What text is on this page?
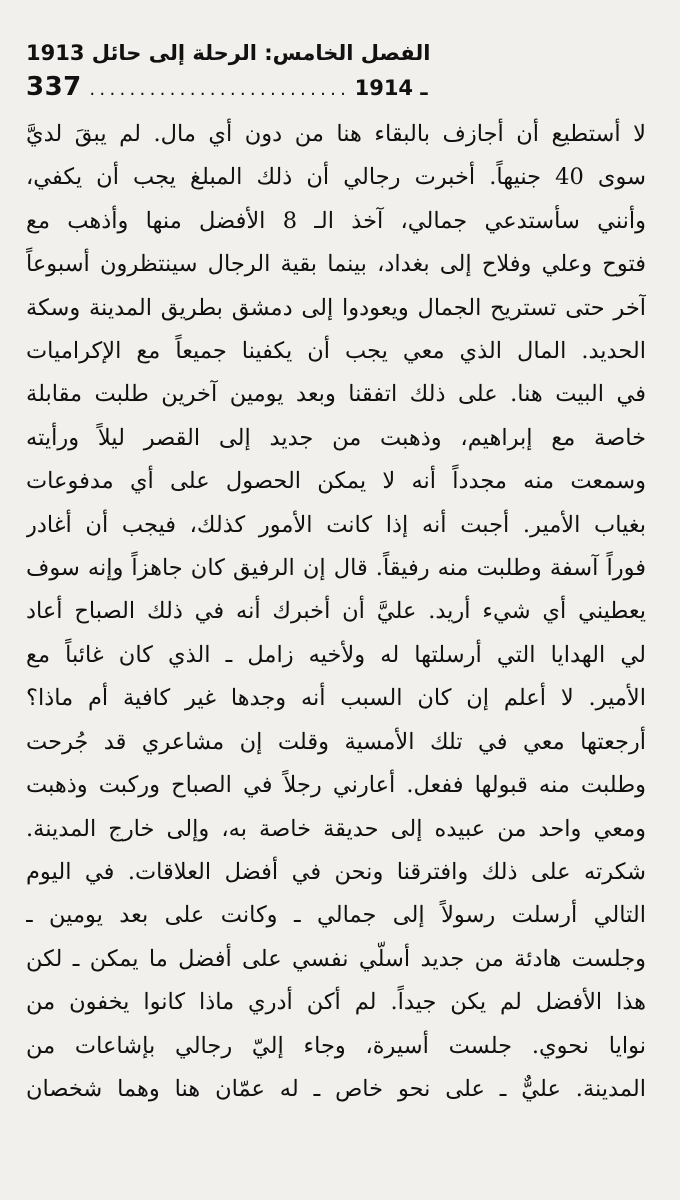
الفصل الخامس: الرحلة إلى حائل 1913
337 .......................... 1914 ـ
لا أستطيع أن أجازف بالبقاء هنا من دون أي مال. لم يبقَ لديَّ
سوى 40 جنيهاً. أخبرت رجالي أن ذلك المبلغ يجب أن يكفي،
وأنني سأستدعي جمالي، آخذ الـ 8 الأفضل منها وأذهب مع
فتوح وعلي وفلاح إلى بغداد، بينما بقية الرجال سينتظرون أسبوعاً
آخر حتى تستريح الجمال ويعودوا إلى دمشق بطريق المدينة وسكة
الحديد. المال الذي معي يجب أن يكفينا جميعاً مع الإكراميات
في البيت هنا. على ذلك اتفقنا وبعد يومين آخرين طلبت مقابلة
خاصة مع إبراهيم، وذهبت من جديد إلى القصر ليلاً ورأيته
وسمعت منه مجدداً أنه لا يمكن الحصول على أي مدفوعات
بغياب الأمير. أجبت أنه إذا كانت الأمور كذلك، فيجب أن أغادر
فوراً آسفة وطلبت منه رفيقاً. قال إن الرفيق كان جاهزاً وإنه سوف
يعطيني أي شيء أريد. عليَّ أن أخبرك أنه في ذلك الصباح أعاد
لي الهدايا التي أرسلتها له ولأخيه زامل ـ الذي كان غائباً مع
الأمير. لا أعلم إن كان السبب أنه وجدها غير كافية أم ماذا؟
أرجعتها معي في تلك الأمسية وقلت إن مشاعري قد جُرحت
وطلبت منه قبولها ففعل. أعارني رجلاً في الصباح وركبت وذهبت
ومعي واحد من عبيده إلى حديقة خاصة به، وإلى خارج المدينة.
شكرته على ذلك وافترقنا ونحن في أفضل العلاقات. في اليوم
التالي أرسلت رسولاً إلى جمالي ـ وكانت على بعد يومين ـ
وجلست هادئة من جديد أسلّي نفسي على أفضل ما يمكن ـ لكن
هذا الأفضل لم يكن جيداً. لم أكن أدري ماذا كانوا يخفون من
نوايا نحوي. جلست أسيرة، وجاء إليّ رجالي بإشاعات من
المدينة. عليٌّ ـ على نحو خاص ـ له عمّان هنا وهما شخصان
